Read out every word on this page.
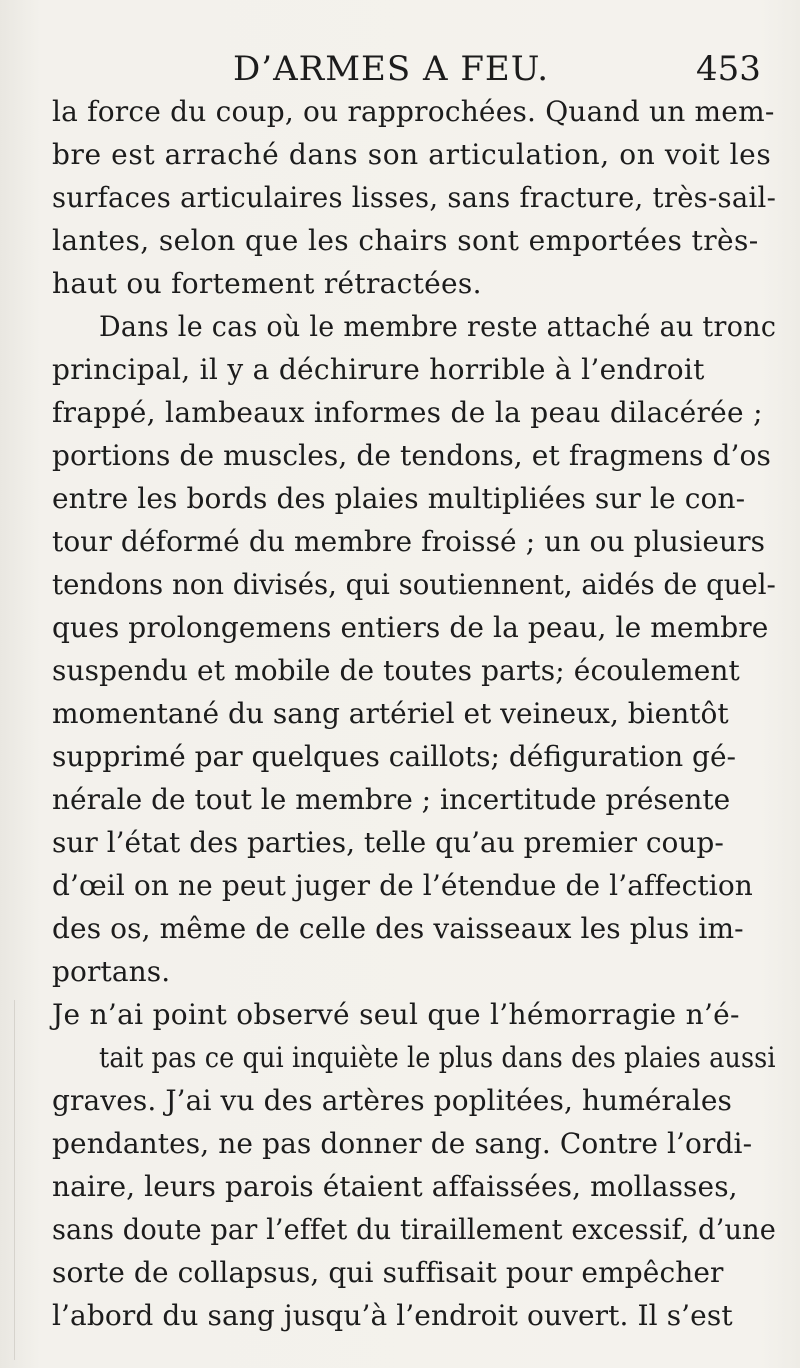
D’ARMES A FEU.	453
la force du coup, ou rapprochées. Quand un mem-
bre est arraché dans son articulation, on voit les
surfaces articulaires lisses, sans fracture, très-sail-
lantes, selon que les chairs sont emportées très-
haut ou fortement rétractées.
Dans le cas où le membre reste attaché au tronc
principal, il y a déchirure horrible à l’endroit
frappé, lambeaux informes de la peau dilacérée ;
portions de muscles, de tendons, et fragmens d’os
entre les bords des plaies multipliées sur le con-
tour déformé du membre froissé ; un ou plusieurs
tendons non divisés, qui soutiennent, aidés de quel-
ques prolongemens entiers de la peau, le membre
suspendu et mobile de toutes parts; écoulement
momentané du sang artériel et veineux, bientôt
supprimé par quelques caillots; défiguration gé-
nérale de tout le membre ; incertitude présente
sur l’état des parties, telle qu’au premier coup-
d’œil on ne peut juger de l’étendue de l’affection
des os, même de celle des vaisseaux les plus im-
portans.
Je n’ai point observé seul que l’hémorragie n’é-
tait pas ce qui inquiète le plus dans des plaies aussi
graves. J’ai vu des artères poplitées, humérales
pendantes, ne pas donner de sang. Contre l’ordi-
naire, leurs parois étaient affaissées, mollasses,
sans doute par l’effet du tiraillement excessif, d’une
sorte de collapsus, qui suffisait pour empêcher
l’abord du sang jusqu’à l’endroit ouvert. Il s’est
